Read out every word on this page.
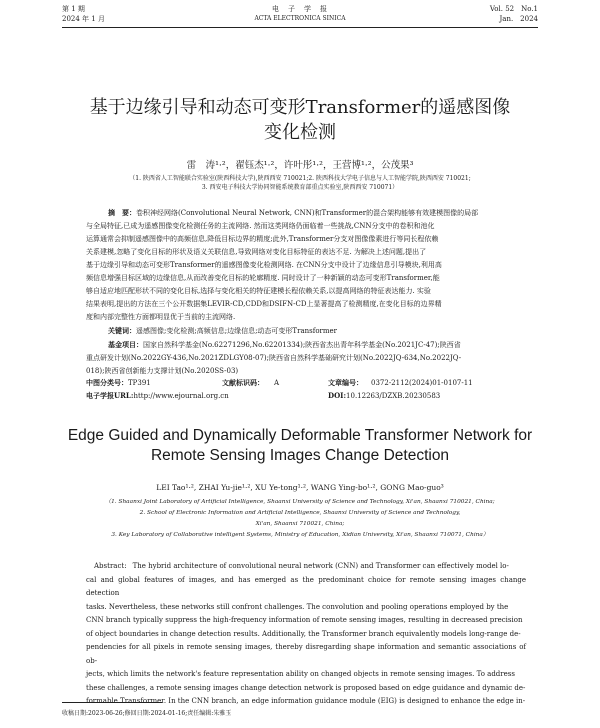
第 1 期
2024 年 1 月
电　子　学　报
ACTA ELECTRONICA SINICA
Vol. 52　No.1
Jan.　2024
基于边缘引导和动态可变形Transformer的遥感图像
变化检测
雷　涛¹·²，翟钰杰¹·²，许叶彤¹·²，王营博¹·²，公茂果³
（1. 陕西省人工智能联合实验室(陕西科技大学),陕西西安 710021;2. 陕西科技大学电子信息与人工智能学院,陕西西安 710021;
3. 西安电子科技大学协同智能系统教育部重点实验室,陕西西安 710071）
摘　要：卷积神经网络(Convolutional Neural Network, CNN)和Transformer的混合架构能够有效建模图像的局部
与全局特征,已成为遥感图像变化检测任务的主流网络. 然而这类网络仍面临着一些挑战,CNN分支中的卷积和池化
运算通常会抑制遥感图像中的高频信息,降低目标边界的精度;此外,Transformer分支对图像像素进行等同长程依赖
关系建模,忽略了变化目标的形状及语义关联信息,导致网络对变化目标特征的表达不足. 为解决上述问题,提出了
基于边缘引导和动态可变形Transformer的遥感图像变化检测网络. 在CNN分支中设计了边缘信息引导模块,利用高
频信息增强目标区域的边缘信息,从而改善变化目标的轮廓精度. 同时设计了一种新颖的动态可变形Transformer,能
够自适应地匹配形状不同的变化目标,选择与变化相关的特征建模长程依赖关系,以提高网络的特征表达能力. 实验
结果表明,提出的方法在三个公开数据集LEVIR-CD,CDD和DSIFN-CD上显著提高了检测精度,在变化目标的边界精
度和内部完整性方面都明显优于当前的主流网络.
关键词：遥感图像;变化检测;高频信息;边缘信息;动态可变形Transformer
基金项目：国家自然科学基金(No.62271296,No.62201334);陕西省杰出青年科学基金(No.2021JC-47);陕西省
重点研发计划(No.2022GY-436,No.2021ZDLGY08-07);陕西省自然科学基础研究计划(No.2022JQ-634,No.2022JQ-
018);陕西省创新能力支撑计划(No.2020SS-03)
中图分类号：TP391	文献标识码： A	文章编号： 0372-2112(2024)01-0107-11
电子学报URL:http://www.ejournal.org.cn	DOI:10.12263/DZXB.20230583
Edge Guided and Dynamically Deformable Transformer Network for
Remote Sensing Images Change Detection
LEI Tao¹·², ZHAI Yu-jie¹·², XU Ye-tong¹·², WANG Ying-bo¹·², GONG Mao-guo³
（1. Shaanxi Joint Laboratory of Artificial Intelligence, Shaanxi University of Science and Technology, Xi'an, Shaanxi 710021, China;
2. School of Electronic Information and Artificial Intelligence, Shaanxi University of Science and Technology,
Xi'an, Shaanxi 710021, China;
3. Key Laboratory of Collaborative intelligent Systems, Ministry of Education, Xidian University, Xi'an, Shaanxi 710071, China）
Abstract: The hybrid architecture of convolutional neural network (CNN) and Transformer can effectively model lo-
cal and global features of images, and has emerged as the predominant choice for remote sensing images change detection
tasks. Nevertheless, these networks still confront challenges. The convolution and pooling operations employed by the
CNN branch typically suppress the high-frequency information of remote sensing images, resulting in decreased precision
of object boundaries in change detection results. Additionally, the Transformer branch equivalently models long-range de-
pendencies for all pixels in remote sensing images, thereby disregarding shape information and semantic associations of ob-
jects, which limits the network's feature representation ability on changed objects in remote sensing images. To address
these challenges, a remote sensing images change detection network is proposed based on edge guidance and dynamic de-
formable Transformer. In the CNN branch, an edge information guidance module (EIG) is designed to enhance the edge in-
收稿日期:2023-06-26;修回日期:2024-01-16;责任编辑:朱雅玉
